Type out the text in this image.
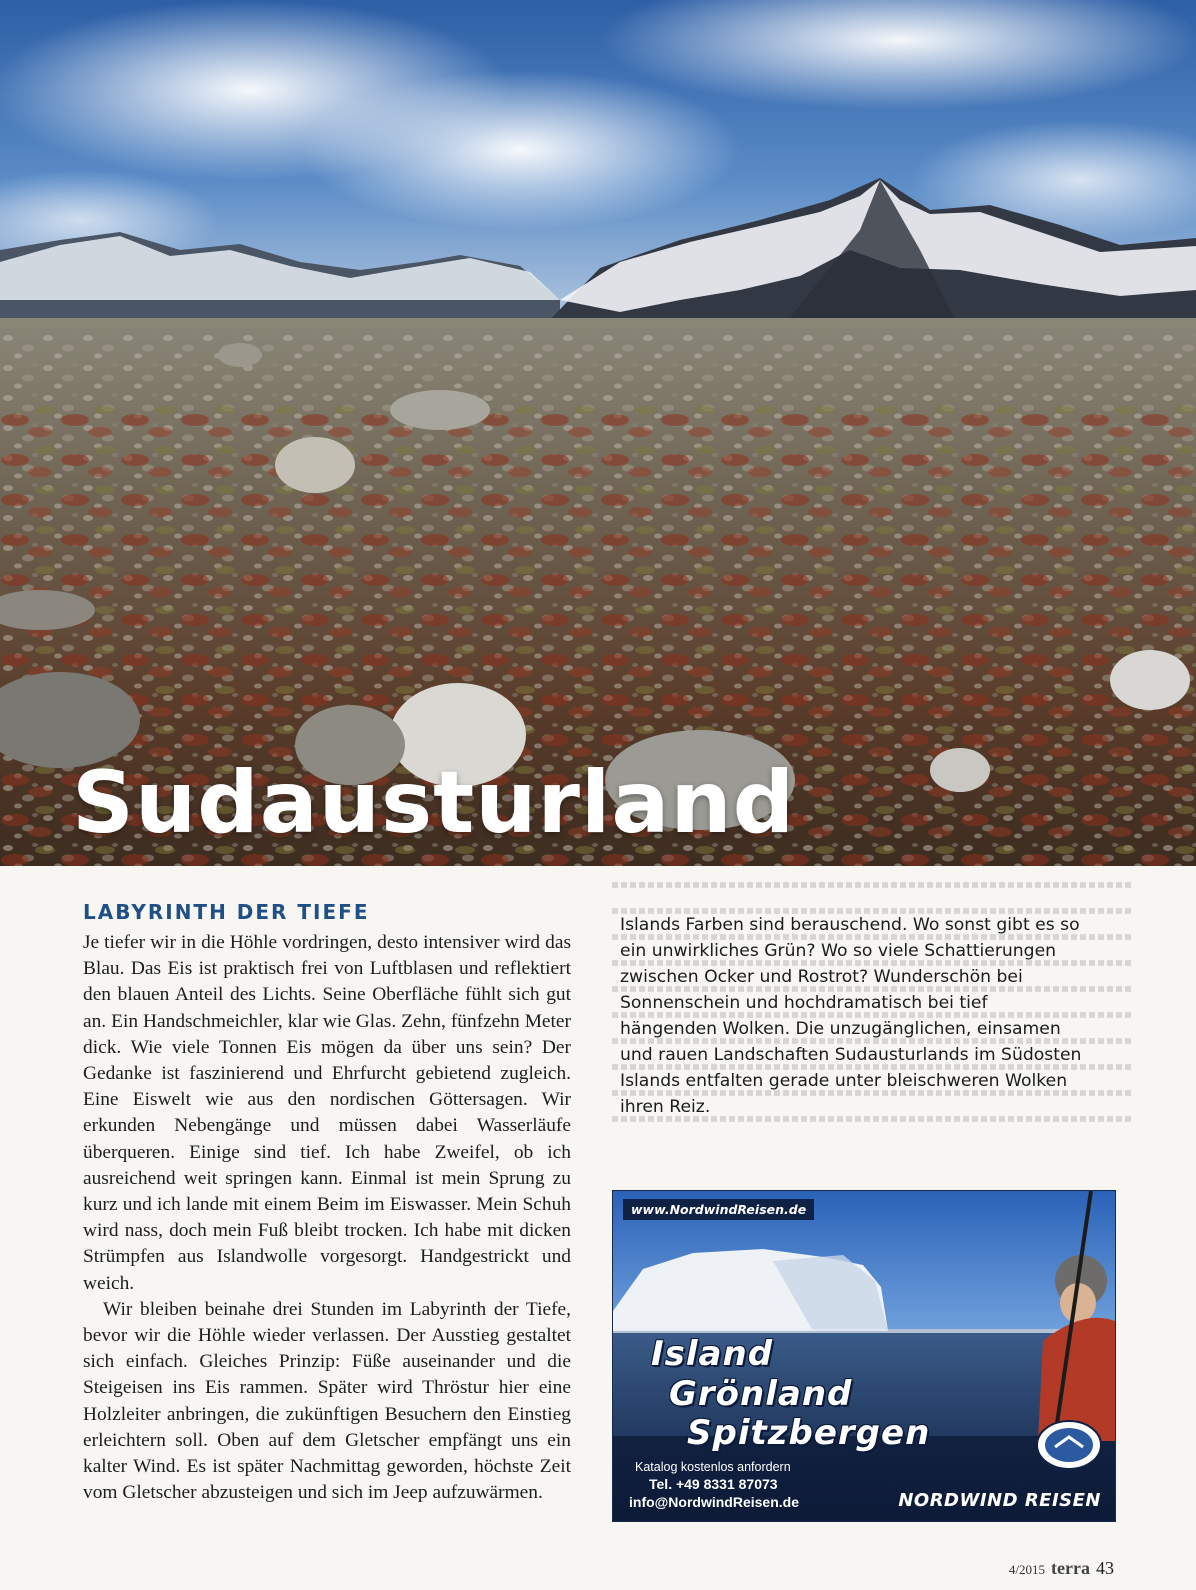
Sudausturland
LABYRINTH DER TIEFE

Je tiefer wir in die Höhle vordringen, desto intensiver wird das Blau. Das Eis ist praktisch frei von Luftblasen und reflektiert den blauen Anteil des Lichts. Seine Oberfläche fühlt sich gut an. Ein Handschmeichler, klar wie Glas. Zehn, fünfzehn Meter dick. Wie viele Tonnen Eis mögen da über uns sein? Der Gedanke ist faszinierend und Ehrfurcht gebietend zugleich. Eine Eiswelt wie aus den nordischen Göttersagen. Wir erkunden Nebengänge und müssen dabei Wasserläufe überqueren. Einige sind tief. Ich habe Zweifel, ob ich ausreichend weit springen kann. Einmal ist mein Sprung zu kurz und ich lande mit einem Beim im Eiswasser. Mein Schuh wird nass, doch mein Fuß bleibt trocken. Ich habe mit dicken Strümpfen aus Islandwolle vorgesorgt. Handgestrickt und weich.

Wir bleiben beinahe drei Stunden im Labyrinth der Tiefe, bevor wir die Höhle wieder verlassen. Der Ausstieg gestaltet sich einfach. Gleiches Prinzip: Füße auseinander und die Steigeisen ins Eis rammen. Später wird Thröstur hier eine Holzleiter anbringen, die zukünftigen Besuchern den Einstieg erleichtern soll. Oben auf dem Gletscher empfängt uns ein kalter Wind. Es ist später Nachmittag geworden, höchste Zeit vom Gletscher abzusteigen und sich im Jeep aufzuwärmen.

Islands Farben sind berauschend. Wo sonst gibt es so ein unwirkliches Grün? Wo so viele Schattierungen zwischen Ocker und Rostrot? Wunderschön bei Sonnenschein und hochdramatisch bei tief hängenden Wolken. Die unzugänglichen, einsamen und rauen Landschaften Sudausturlands im Südosten Islands entfalten gerade unter bleischweren Wolken ihren Reiz.

www.NordwindReisen.de
Island
Grönland
Spitzbergen
Katalog kostenlos anfordern
Tel. +49 8331 87073
info@NordwindReisen.de	NORDWIND REISEN
4/2015 terra 43
